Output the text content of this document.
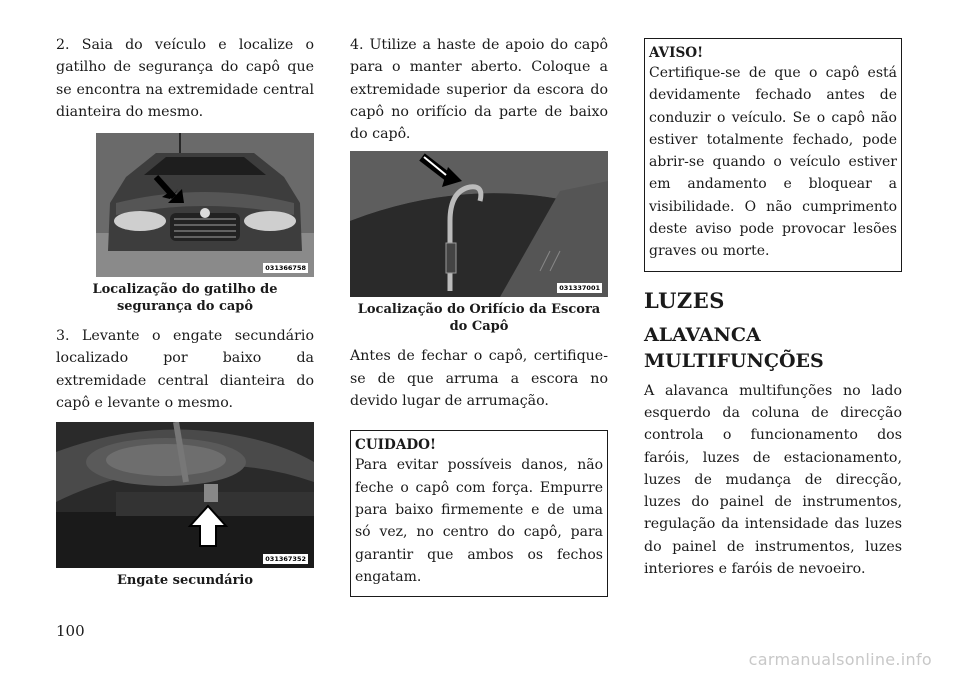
2. Saia do veículo e localize o gatilho de segurança do capô que se encontra na extremidade central dianteira do mesmo.

031366758
Localização do gatilho de segurança do capô

3. Levante o engate secundário localizado por baixo da extremidade central dianteira do capô e levante o mesmo.

031367352
Engate secundário

4. Utilize a haste de apoio do capô para o manter aberto. Coloque a extremidade superior da escora do capô no orifício da parte de baixo do capô.

031337001
Localização do Orifício da Escora do Capô

Antes de fechar o capô, certifique-se de que arruma a escora no devido lugar de arrumação.

CUIDADO!

Para evitar possíveis danos, não feche o capô com força. Empurre para baixo firmemente e de uma só vez, no centro do capô, para garantir que ambos os fechos engatam.

AVISO!

Certifique-se de que o capô está devidamente fechado antes de conduzir o veículo. Se o capô não estiver totalmente fechado, pode abrir-se quando o veículo estiver em andamento e bloquear a visibilidade. O não cumprimento deste aviso pode provocar lesões graves ou morte.

LUZES
ALAVANCA MULTIFUNÇÕES

A alavanca multifunções no lado esquerdo da coluna de direcção controla o funcionamento dos faróis, luzes de estacionamento, luzes de mudança de direcção, luzes do painel de instrumentos, regulação da intensidade das luzes do painel de instrumentos, luzes interiores e faróis de nevoeiro.

100
carmanualsonline.info
